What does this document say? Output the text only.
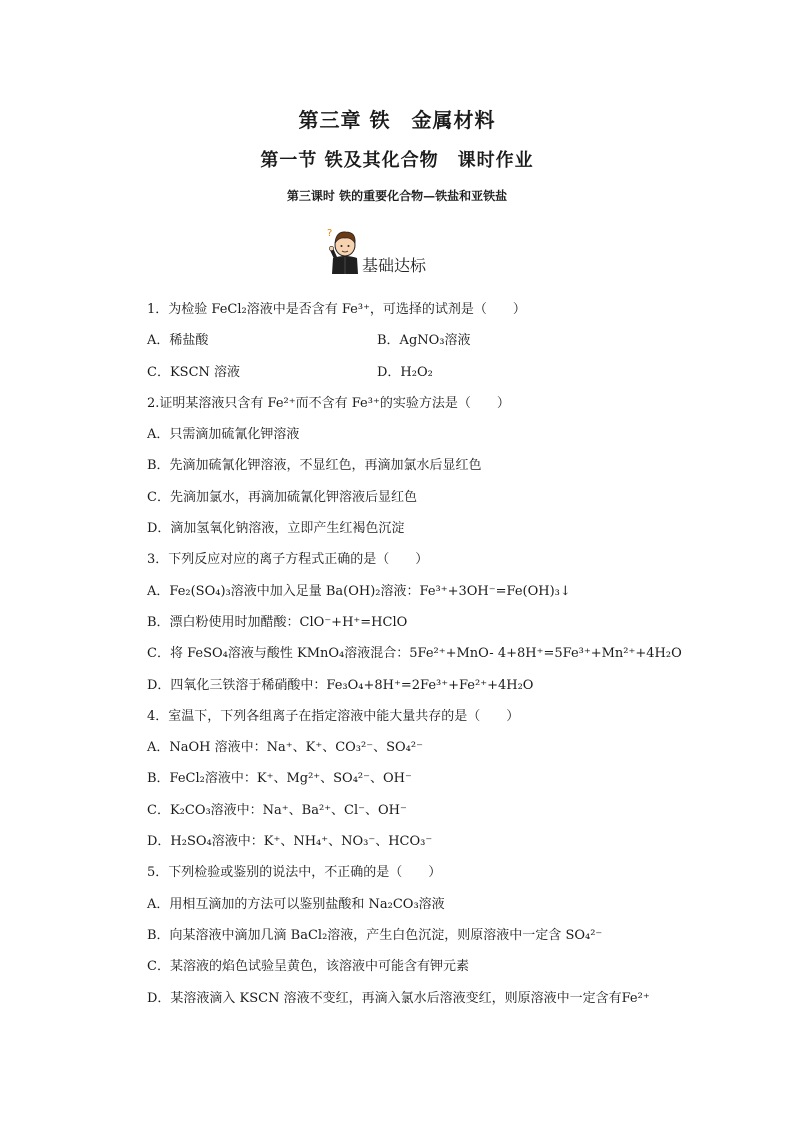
第三章 铁　金属材料
第一节 铁及其化合物　课时作业
第三课时 铁的重要化合物—铁盐和亚铁盐
?
基础达标
1．为检验 FeCl₂溶液中是否含有 Fe³⁺，可选择的试剂是（　　）
A．稀盐酸	B．AgNO₃溶液
C．KSCN 溶液	D．H₂O₂
2.证明某溶液只含有 Fe²⁺而不含有 Fe³⁺的实验方法是（　　）
A．只需滴加硫氰化钾溶液
B．先滴加硫氰化钾溶液，不显红色，再滴加氯水后显红色
C．先滴加氯水，再滴加硫氰化钾溶液后显红色
D．滴加氢氧化钠溶液，立即产生红褐色沉淀
3．下列反应对应的离子方程式正确的是（　　）
A．Fe₂(SO₄)₃溶液中加入足量 Ba(OH)₂溶液：Fe³⁺+3OH⁻=Fe(OH)₃↓
B．漂白粉使用时加醋酸：ClO⁻+H⁺=HClO
C．将 FeSO₄溶液与酸性 KMnO₄溶液混合：5Fe²⁺+MnO- 4+8H⁺=5Fe³⁺+Mn²⁺+4H₂O
D．四氧化三铁溶于稀硝酸中：Fe₃O₄+8H⁺=2Fe³⁺+Fe²⁺+4H₂O
4．室温下，下列各组离子在指定溶液中能大量共存的是（　　）
A．NaOH 溶液中：Na⁺、K⁺、CO₃²⁻、SO₄²⁻
B．FeCl₂溶液中：K⁺、Mg²⁺、SO₄²⁻、OH⁻
C．K₂CO₃溶液中：Na⁺、Ba²⁺、Cl⁻、OH⁻
D．H₂SO₄溶液中：K⁺、NH₄⁺、NO₃⁻、HCO₃⁻
5．下列检验或鉴别的说法中，不正确的是（　　）
A．用相互滴加的方法可以鉴别盐酸和 Na₂CO₃溶液
B．向某溶液中滴加几滴 BaCl₂溶液，产生白色沉淀，则原溶液中一定含 SO₄²⁻
C．某溶液的焰色试验呈黄色，该溶液中可能含有钾元素
D．某溶液滴入 KSCN 溶液不变红，再滴入氯水后溶液变红，则原溶液中一定含有Fe²⁺
